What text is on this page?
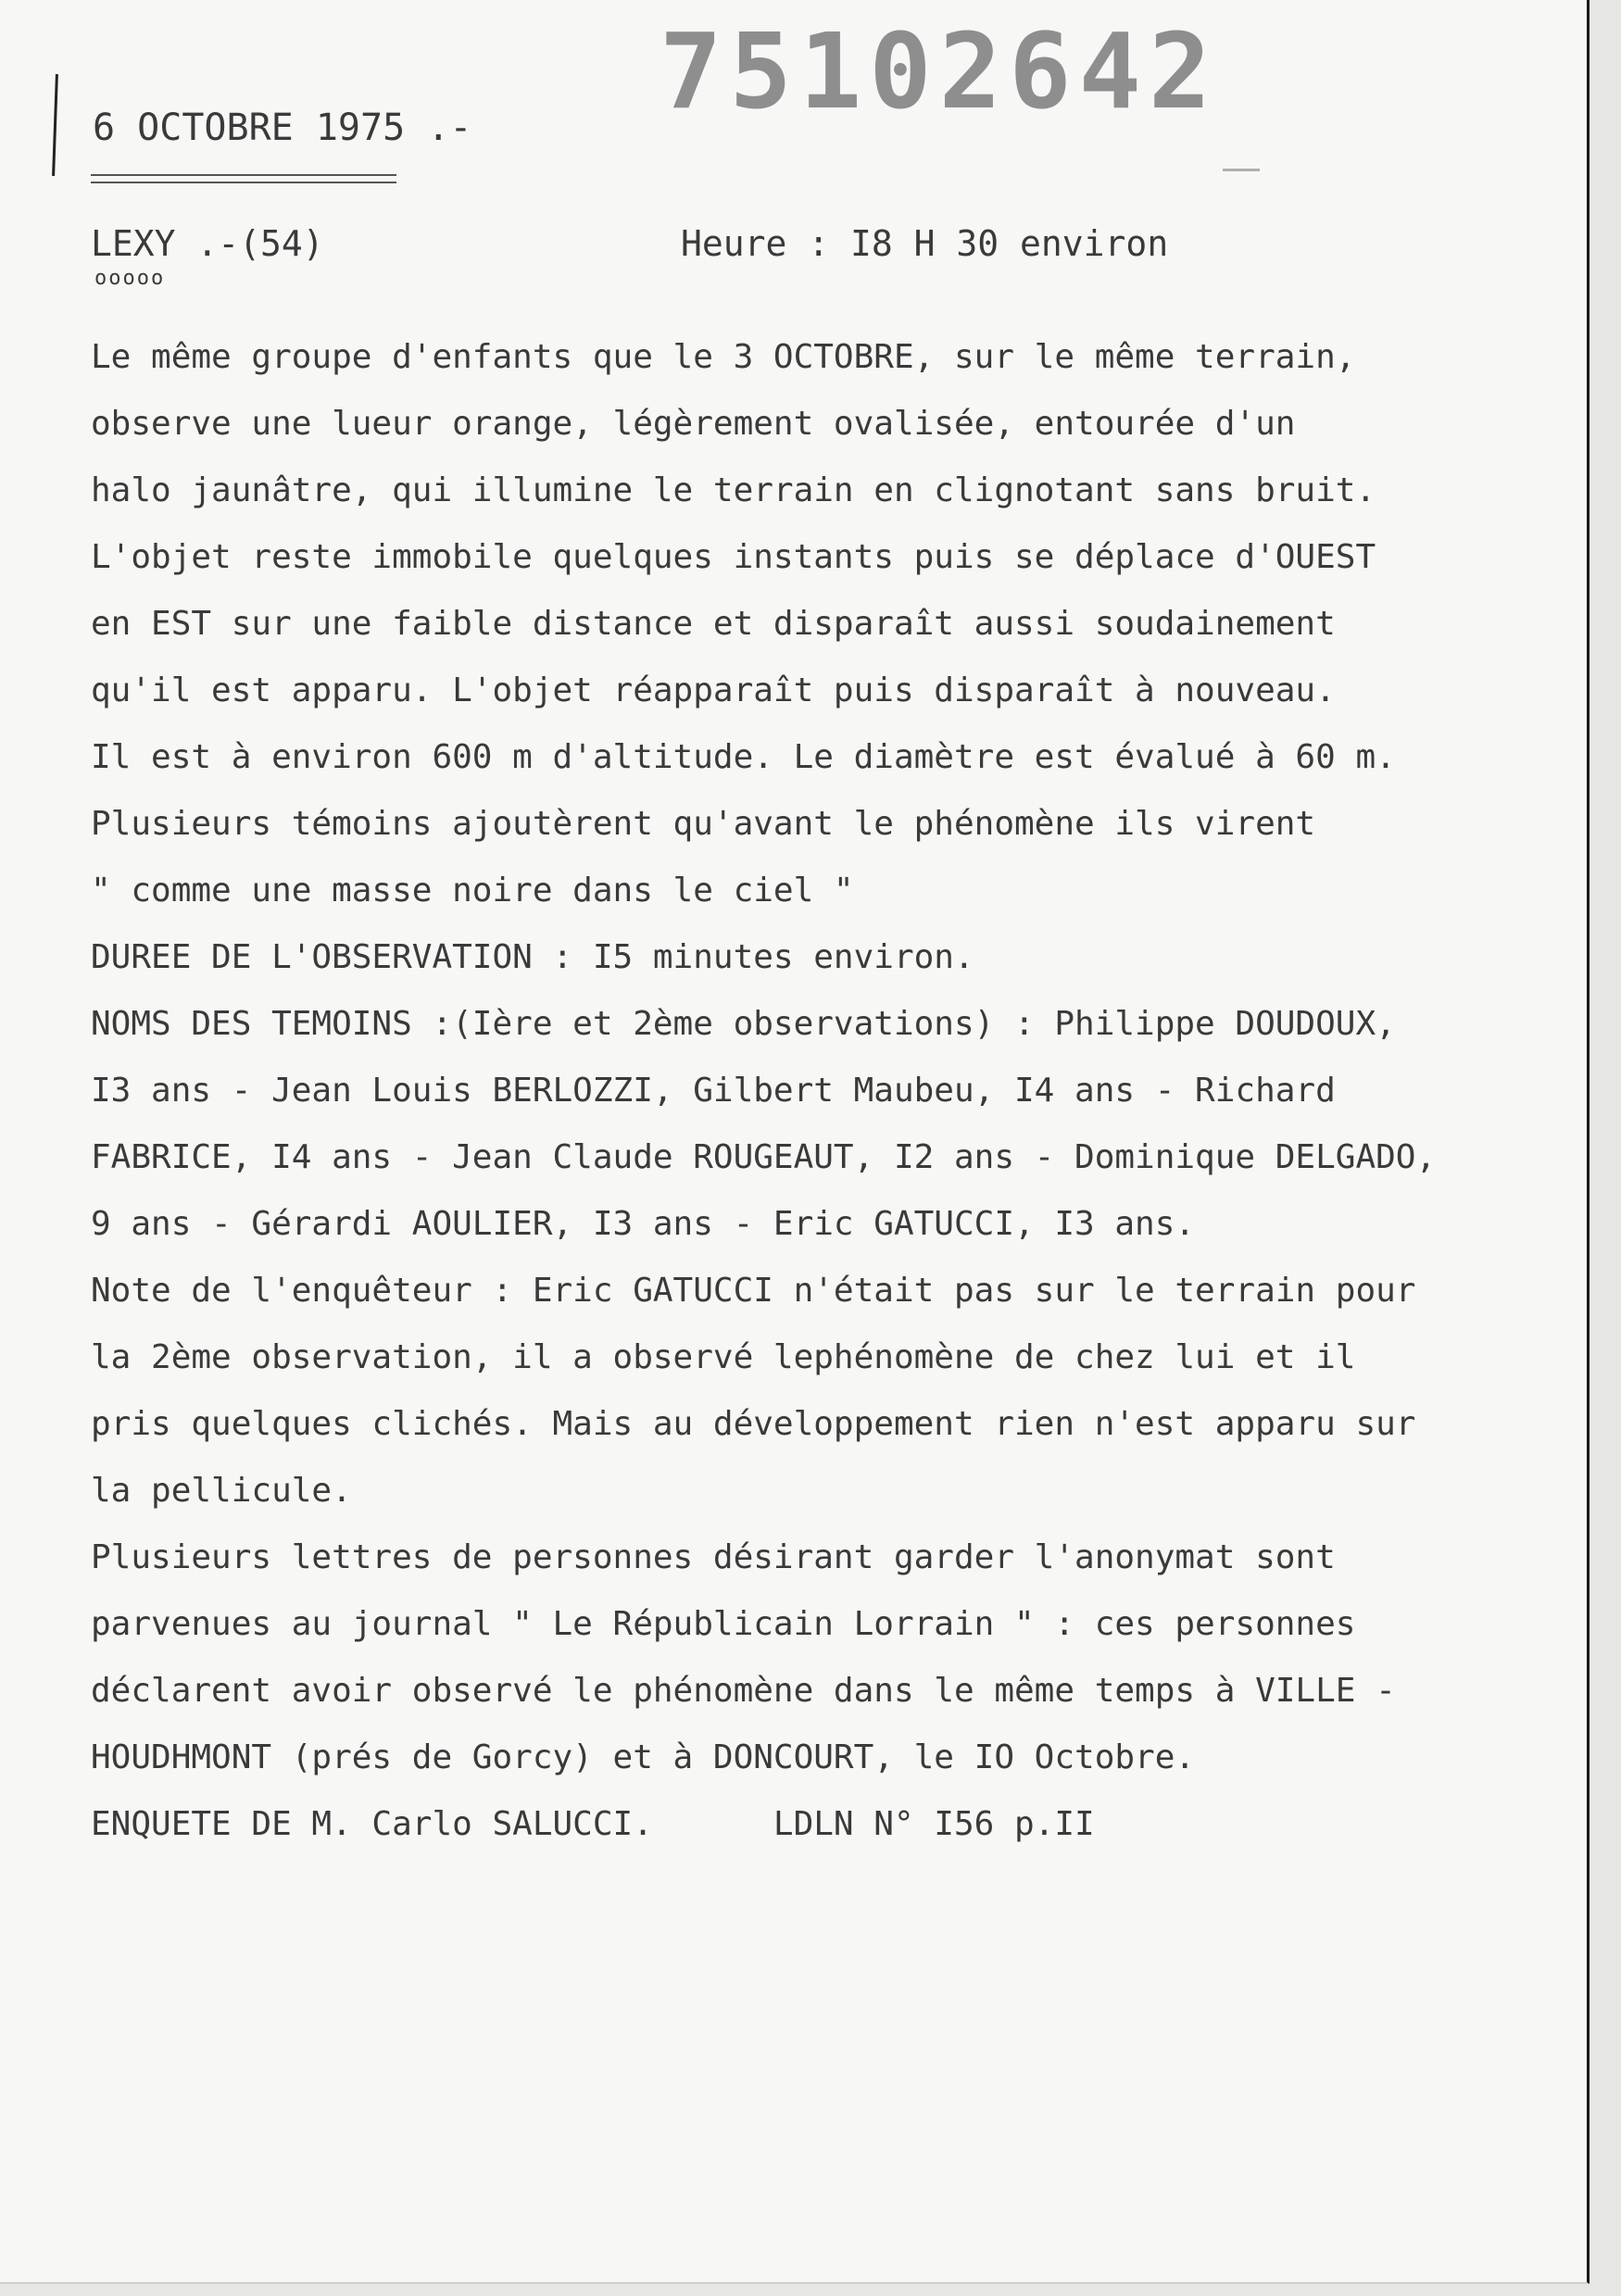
75102642
6 OCTOBRE 1975 .-
LEXY .-(54)
ooooo
Heure : I8 H 30 environ
Le même groupe d'enfants que le 3 OCTOBRE, sur le même terrain,
observe une lueur orange, légèrement ovalisée, entourée d'un
halo jaunâtre, qui illumine le terrain en clignotant sans bruit.
L'objet reste immobile quelques instants puis se déplace d'OUEST
en EST sur une faible distance et disparaît aussi soudainement
qu'il est apparu. L'objet réapparaît puis disparaît à nouveau.
Il est à environ 600 m d'altitude. Le diamètre est évalué à 60 m.
Plusieurs témoins ajoutèrent qu'avant le phénomène ils virent
" comme une masse noire dans le ciel "
DUREE DE L'OBSERVATION : I5 minutes environ.
NOMS DES TEMOINS :(Ière et 2ème observations) : Philippe DOUDOUX,
I3 ans - Jean Louis BERLOZZI, Gilbert Maubeu, I4 ans - Richard
FABRICE, I4 ans - Jean Claude ROUGEAUT, I2 ans - Dominique DELGADO,
9 ans - Gérardi AOULIER, I3 ans - Eric GATUCCI, I3 ans.
Note de l'enquêteur : Eric GATUCCI n'était pas sur le terrain pour
la 2ème observation, il a observé lephénomène de chez lui et il
pris quelques clichés. Mais au développement rien n'est apparu sur
la pellicule.
Plusieurs lettres de personnes désirant garder l'anonymat sont
parvenues au journal " Le Républicain Lorrain " : ces personnes
déclarent avoir observé le phénomène dans le même temps à VILLE -
HOUDHMONT (prés de Gorcy) et à DONCOURT, le IO Octobre.
ENQUETE DE M. Carlo SALUCCI.      LDLN N° I56 p.II
